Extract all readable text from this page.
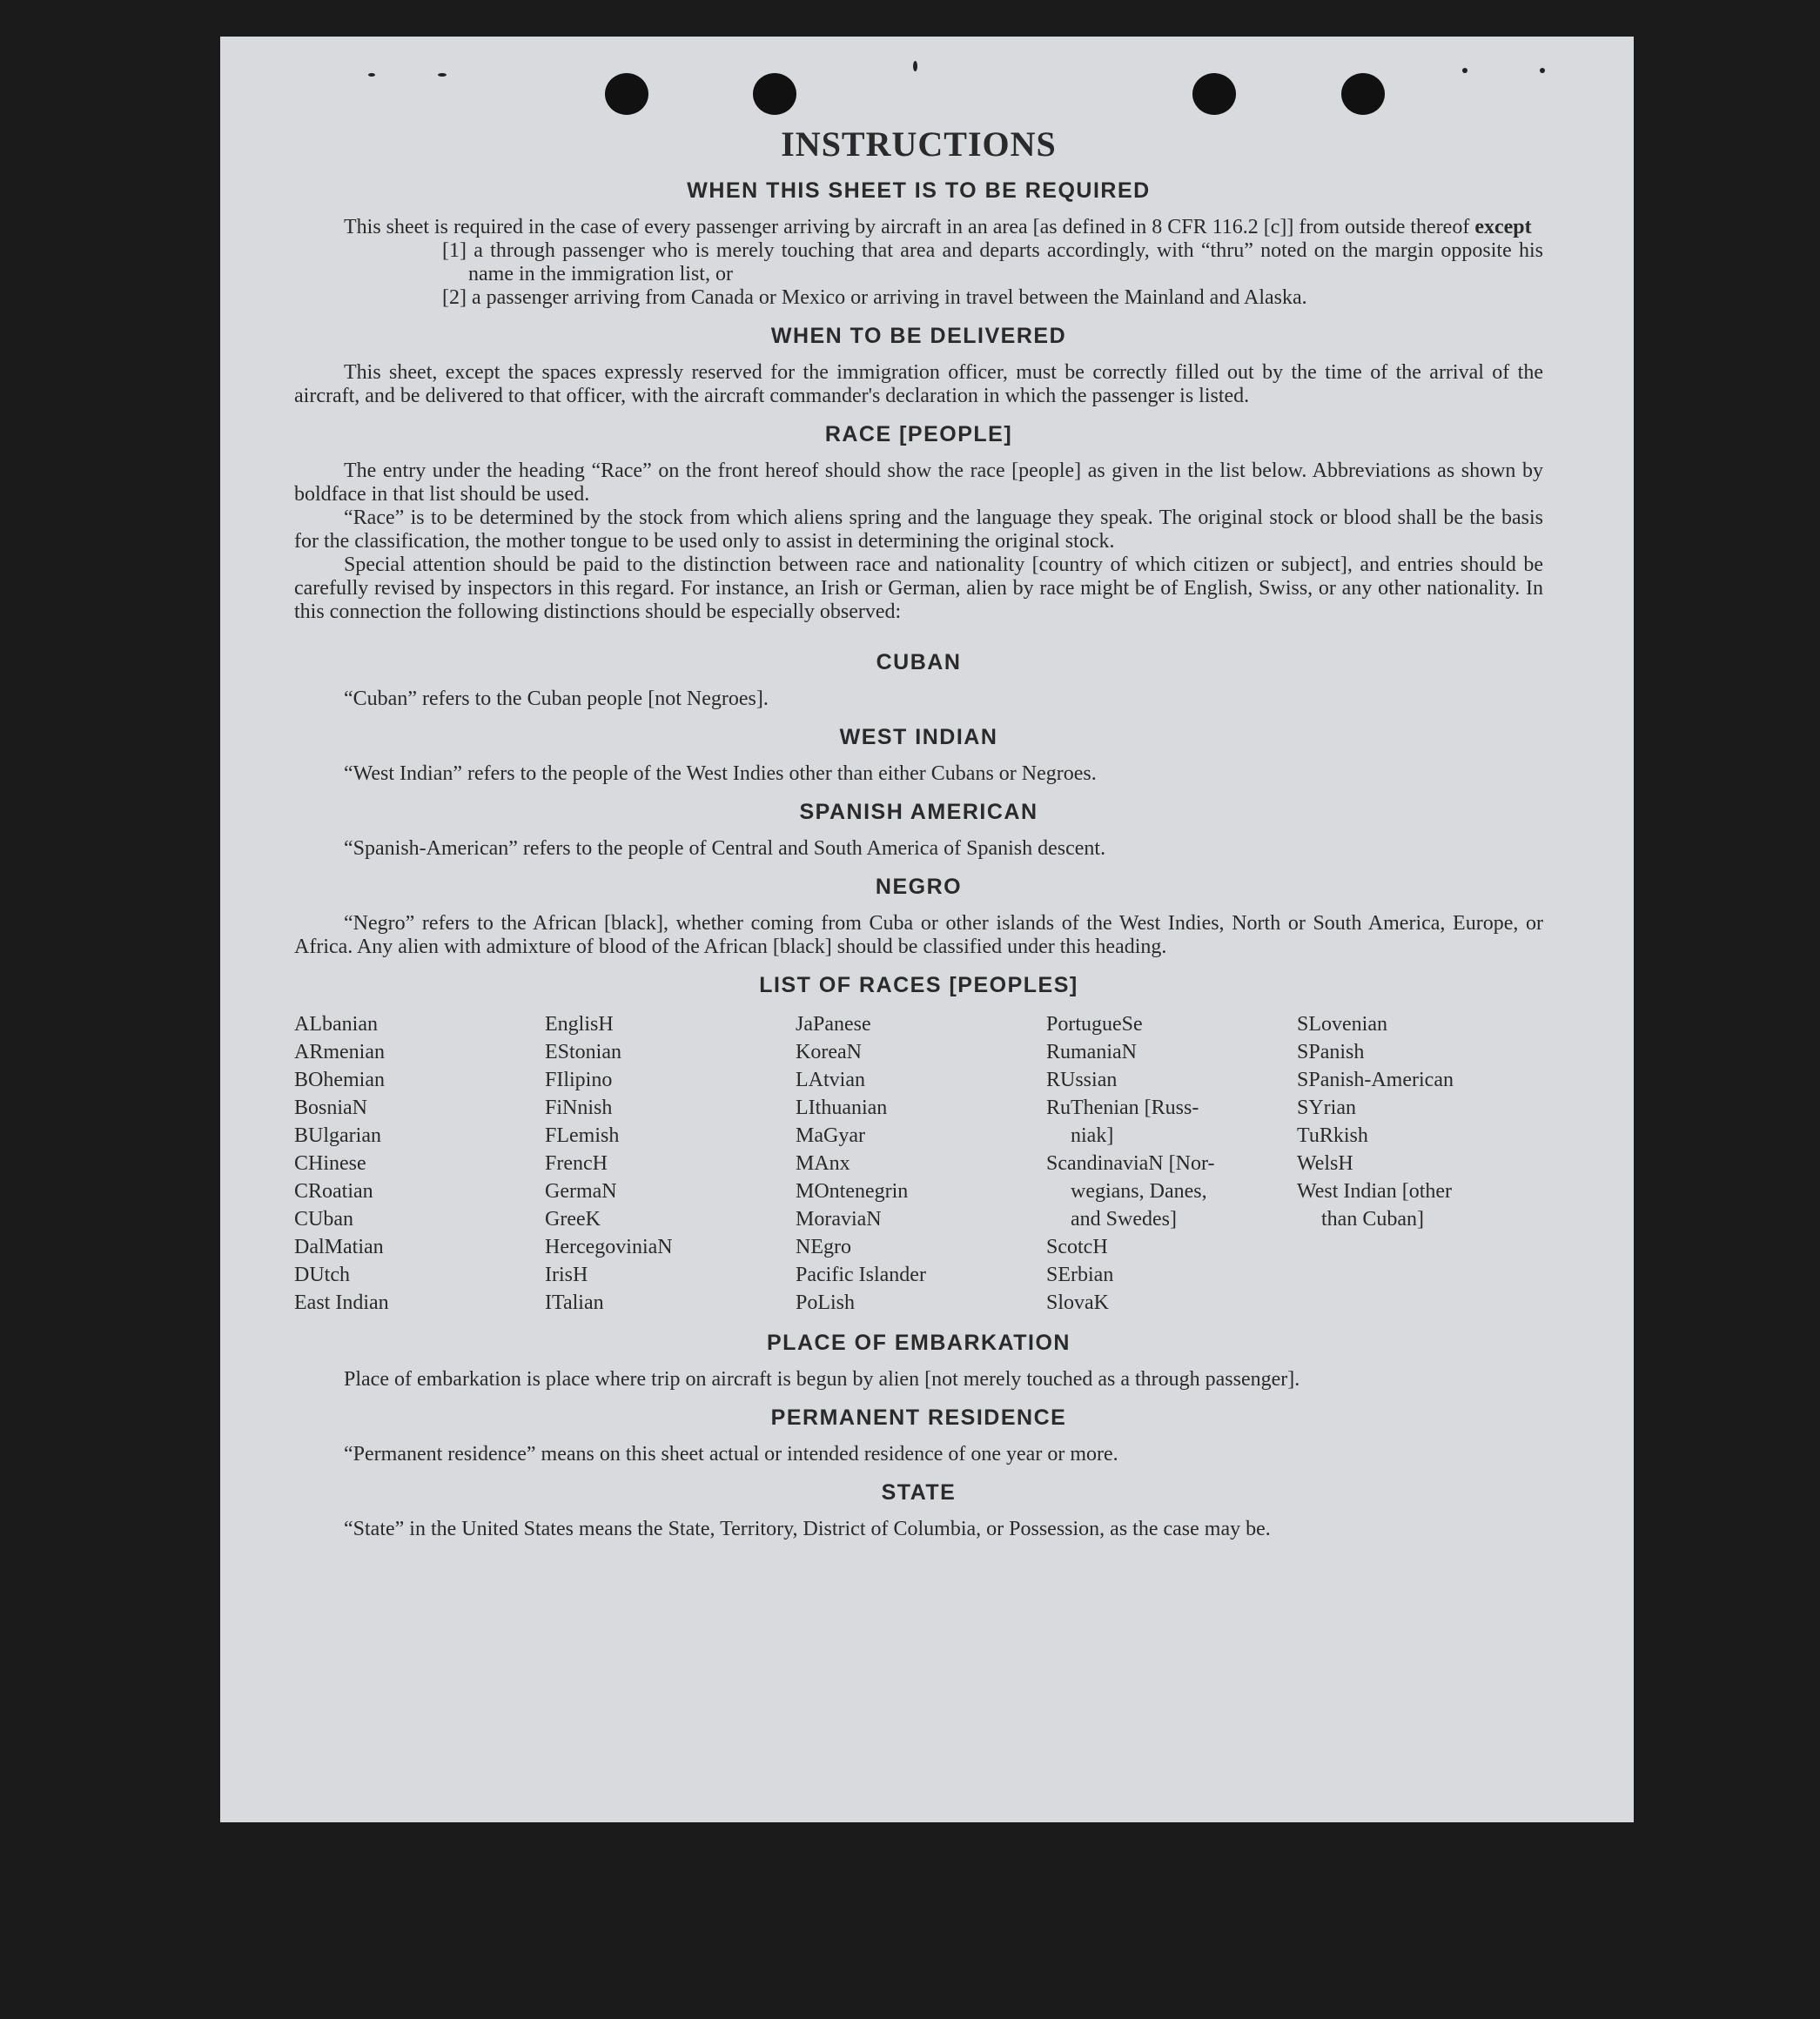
INSTRUCTIONS
WHEN THIS SHEET IS TO BE REQUIRED

This sheet is required in the case of every passenger arriving by aircraft in an area [as defined in 8 CFR 116.2 [c]] from outside thereof except

[1] a through passenger who is merely touching that area and departs accordingly, with “thru” noted on the margin opposite his name in the immigration list, or

[2] a passenger arriving from Canada or Mexico or arriving in travel between the Mainland and Alaska.

WHEN TO BE DELIVERED

This sheet, except the spaces expressly reserved for the immigration officer, must be correctly filled out by the time of the arrival of the aircraft, and be delivered to that officer, with the aircraft commander's declaration in which the passenger is listed.

RACE [PEOPLE]

The entry under the heading “Race” on the front hereof should show the race [people] as given in the list below. Abbreviations as shown by boldface in that list should be used.

“Race” is to be determined by the stock from which aliens spring and the language they speak. The original stock or blood shall be the basis for the classification, the mother tongue to be used only to assist in determining the original stock.

Special attention should be paid to the distinction between race and nationality [country of which citizen or subject], and entries should be carefully revised by inspectors in this regard. For instance, an Irish or German, alien by race might be of English, Swiss, or any other nationality. In this connection the following distinctions should be especially observed:

CUBAN

“Cuban” refers to the Cuban people [not Negroes].

WEST INDIAN

“West Indian” refers to the people of the West Indies other than either Cubans or Negroes.

SPANISH AMERICAN

“Spanish-American” refers to the people of Central and South America of Spanish descent.

NEGRO

“Negro” refers to the African [black], whether coming from Cuba or other islands of the West Indies, North or South America, Europe, or Africa. Any alien with admixture of blood of the African [black] should be classified under this heading.

LIST OF RACES [PEOPLES]
ALbanian
ARmenian
BOhemian
BosniaN
BUlgarian
CHinese
CRoatian
CUban
DalMatian
DUtch
East Indian
EnglisH
EStonian
FIlipino
FiNnish
FLemish
FrencH
GermaN
GreeK
HercegoviniaN
IrisH
ITalian
JaPanese
KoreaN
LAtvian
LIthuanian
MaGyar
MAnx
MOntenegrin
MoraviaN
NEgro
Pacific Islander
PoLish
PortugueSe
RumaniaN
RUssian
RuThenian [Russ-
niak]
ScandinaviaN [Nor-
wegians, Danes,
and Swedes]
ScotcH
SErbian
SlovaK
SLovenian
SPanish
SPanish-American
SYrian
TuRkish
WelsH
West Indian [other
than Cuban]
PLACE OF EMBARKATION

Place of embarkation is place where trip on aircraft is begun by alien [not merely touched as a through passenger].

PERMANENT RESIDENCE

“Permanent residence” means on this sheet actual or intended residence of one year or more.

STATE

“State” in the United States means the State, Territory, District of Columbia, or Possession, as the case may be.
